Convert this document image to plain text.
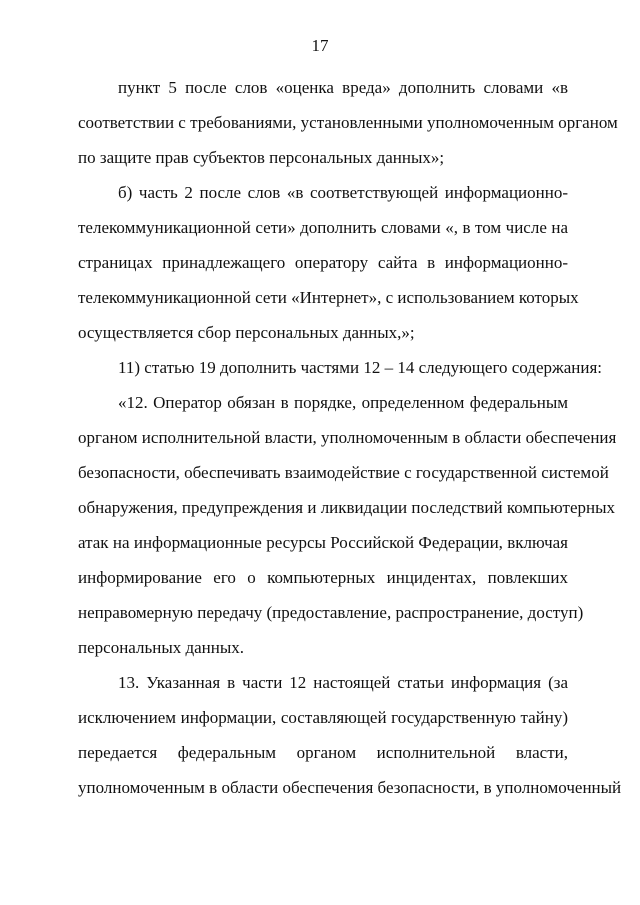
17
пункт 5 после слов «оценка вреда» дополнить словами «в
соответствии с требованиями, установленными уполномоченным органом
по защите прав субъектов персональных данных»;
б) часть 2 после слов «в соответствующей информационно-
телекоммуникационной сети» дополнить словами «, в том числе на
страницах принадлежащего оператору сайта в информационно-
телекоммуникационной сети «Интернет», с использованием которых
осуществляется сбор персональных данных,»;
11) статью 19 дополнить частями 12 – 14 следующего содержания:
«12. Оператор обязан в порядке, определенном федеральным
органом исполнительной власти, уполномоченным в области обеспечения
безопасности, обеспечивать взаимодействие с государственной системой
обнаружения, предупреждения и ликвидации последствий компьютерных
атак на информационные ресурсы Российской Федерации, включая
информирование его о компьютерных инцидентах, повлекших
неправомерную передачу (предоставление, распространение, доступ)
персональных данных.
13. Указанная в части 12 настоящей статьи информация (за
исключением информации, составляющей государственную тайну)
передается федеральным органом исполнительной власти,
уполномоченным в области обеспечения безопасности, в уполномоченный
